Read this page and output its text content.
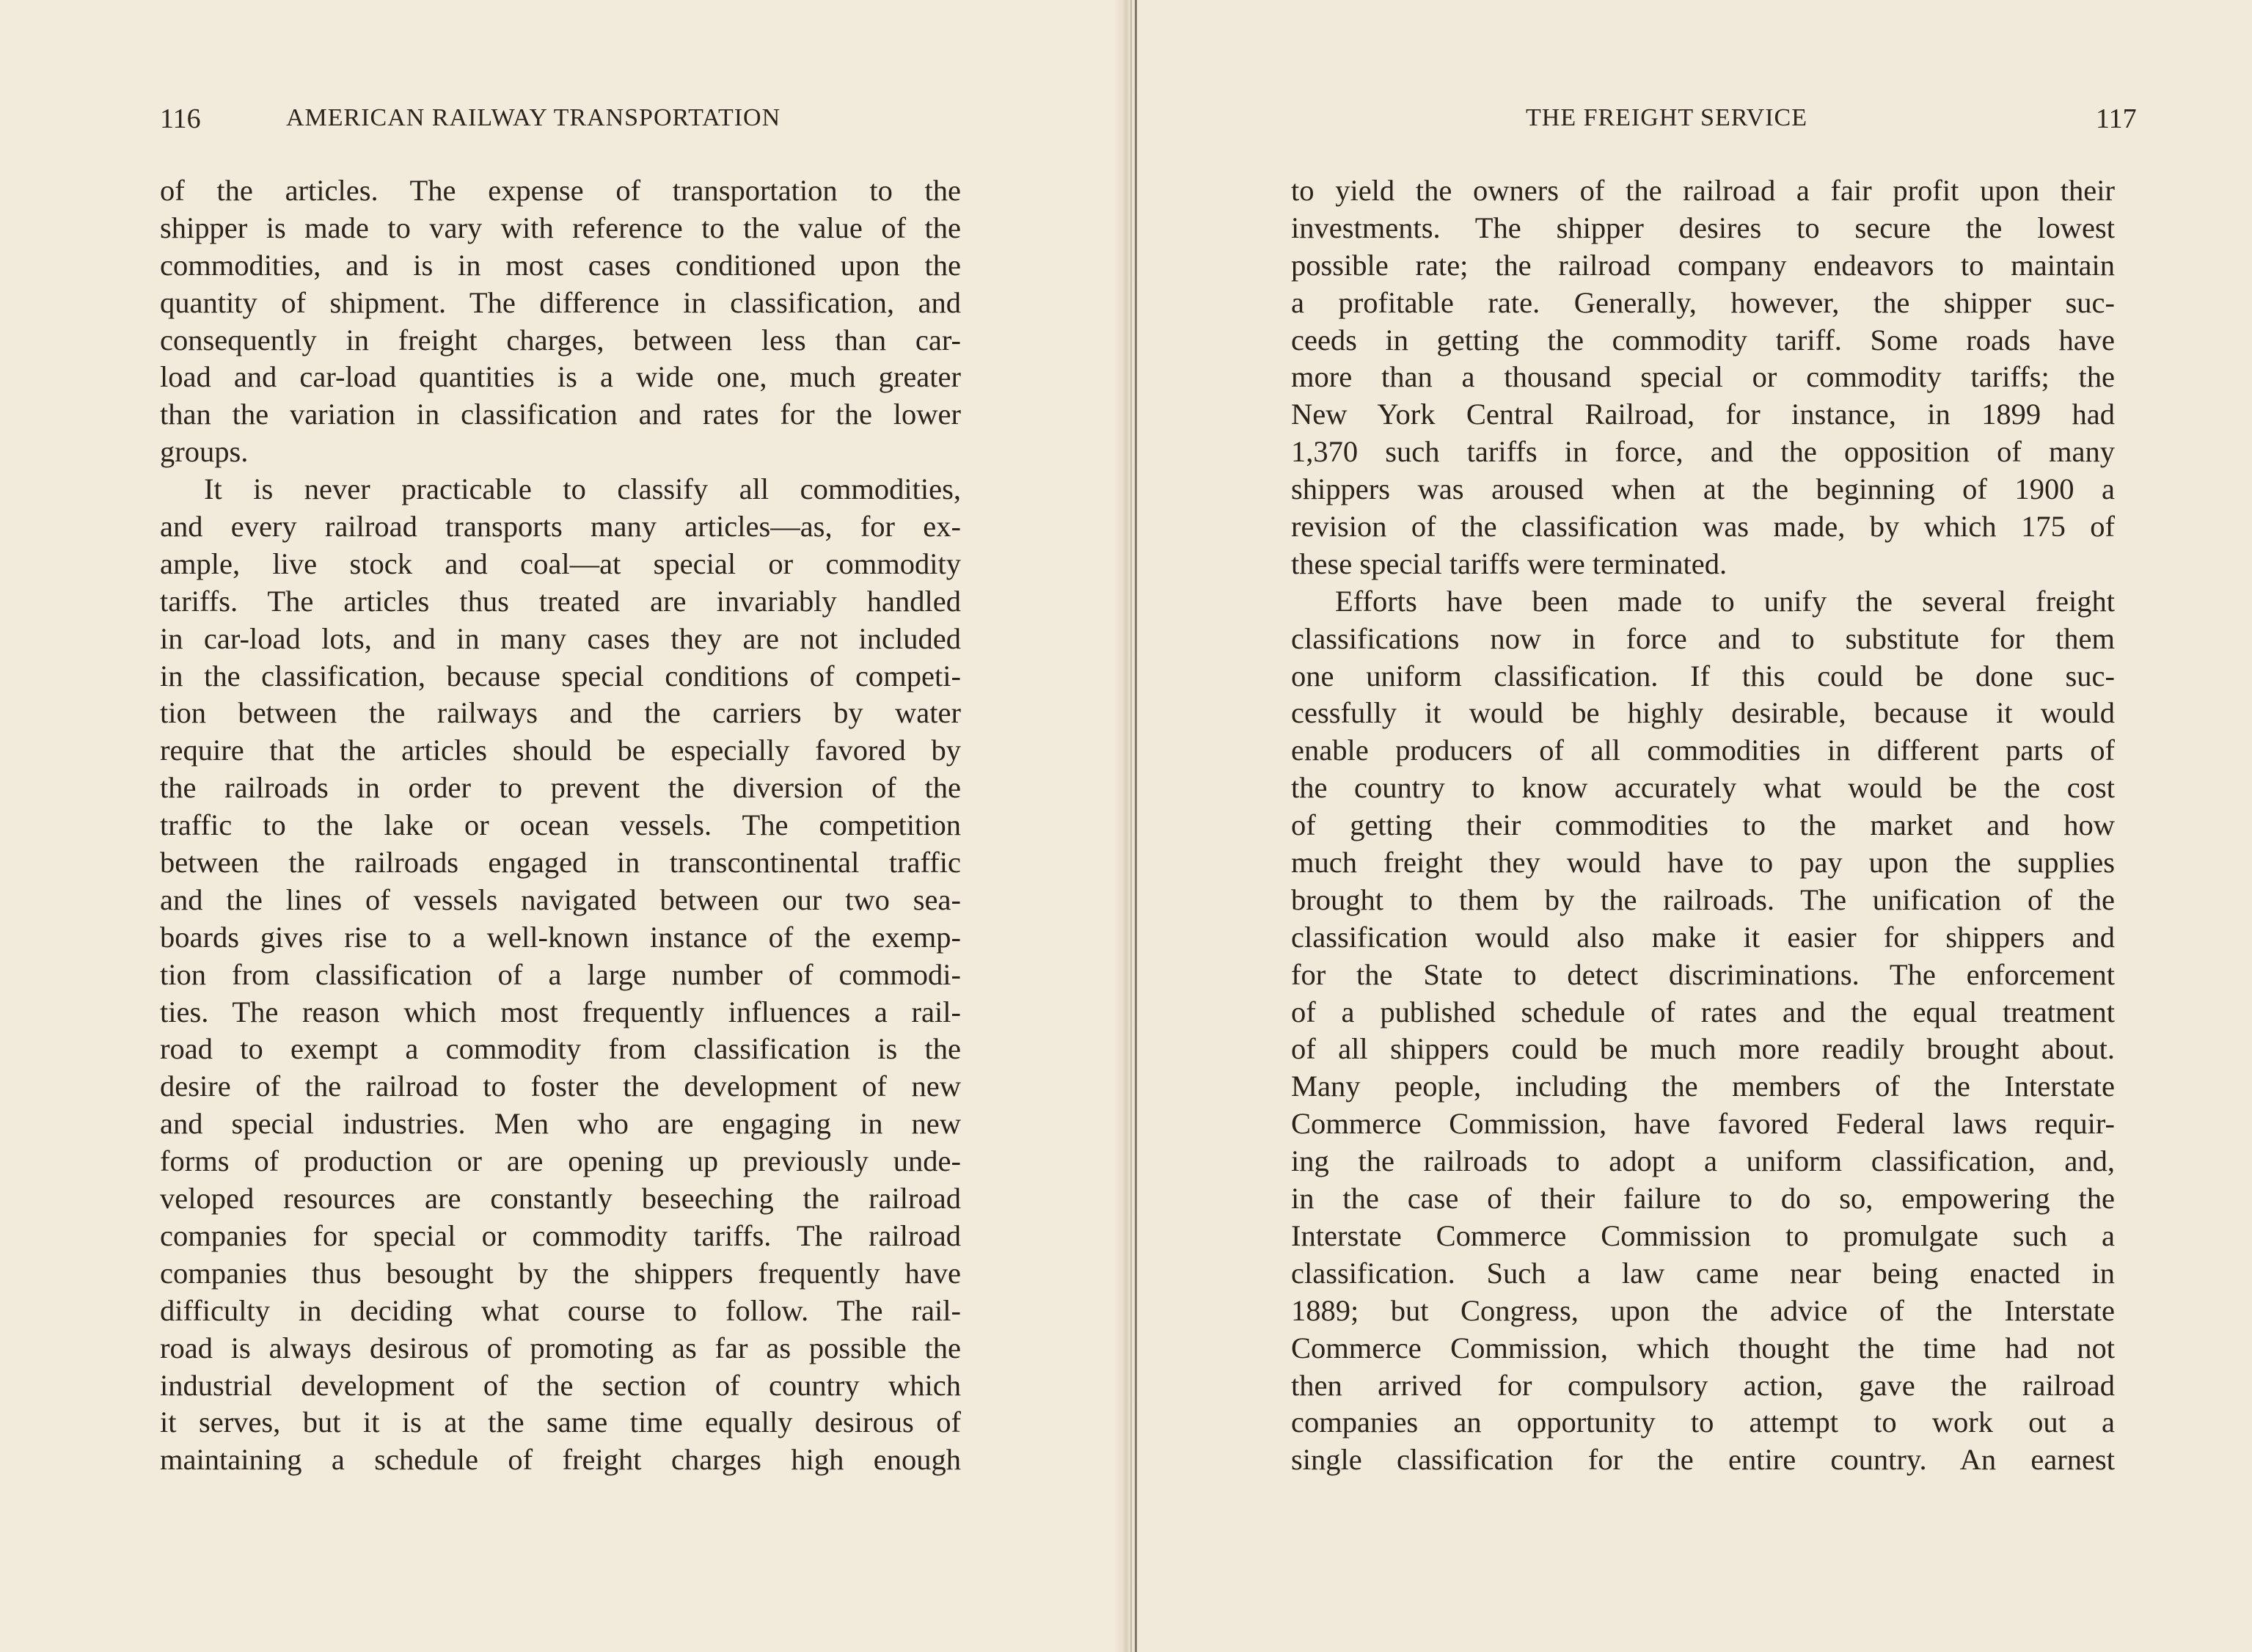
116	AMERICAN RAILWAY TRANSPORTATION
of the articles. The expense of transportation to the
shipper is made to vary with reference to the value of the
commodities, and is in most cases conditioned upon the
quantity of shipment. The difference in classification, and
consequently in freight charges, between less than car-
load and car-load quantities is a wide one, much greater
than the variation in classification and rates for the lower
groups.
It is never practicable to classify all commodities,
and every railroad transports many articles—as, for ex-
ample, live stock and coal—at special or commodity
tariffs. The articles thus treated are invariably handled
in car-load lots, and in many cases they are not included
in the classification, because special conditions of competi-
tion between the railways and the carriers by water
require that the articles should be especially favored by
the railroads in order to prevent the diversion of the
traffic to the lake or ocean vessels. The competition
between the railroads engaged in transcontinental traffic
and the lines of vessels navigated between our two sea-
boards gives rise to a well-known instance of the exemp-
tion from classification of a large number of commodi-
ties. The reason which most frequently influences a rail-
road to exempt a commodity from classification is the
desire of the railroad to foster the development of new
and special industries. Men who are engaging in new
forms of production or are opening up previously unde-
veloped resources are constantly beseeching the railroad
companies for special or commodity tariffs. The railroad
companies thus besought by the shippers frequently have
difficulty in deciding what course to follow. The rail-
road is always desirous of promoting as far as possible the
industrial development of the section of country which
it serves, but it is at the same time equally desirous of
maintaining a schedule of freight charges high enough
THE FREIGHT SERVICE	117
to yield the owners of the railroad a fair profit upon their
investments. The shipper desires to secure the lowest
possible rate; the railroad company endeavors to maintain
a profitable rate. Generally, however, the shipper suc-
ceeds in getting the commodity tariff. Some roads have
more than a thousand special or commodity tariffs; the
New York Central Railroad, for instance, in 1899 had
1,370 such tariffs in force, and the opposition of many
shippers was aroused when at the beginning of 1900 a
revision of the classification was made, by which 175 of
these special tariffs were terminated.
Efforts have been made to unify the several freight
classifications now in force and to substitute for them
one uniform classification. If this could be done suc-
cessfully it would be highly desirable, because it would
enable producers of all commodities in different parts of
the country to know accurately what would be the cost
of getting their commodities to the market and how
much freight they would have to pay upon the supplies
brought to them by the railroads. The unification of the
classification would also make it easier for shippers and
for the State to detect discriminations. The enforcement
of a published schedule of rates and the equal treatment
of all shippers could be much more readily brought about.
Many people, including the members of the Interstate
Commerce Commission, have favored Federal laws requir-
ing the railroads to adopt a uniform classification, and,
in the case of their failure to do so, empowering the
Interstate Commerce Commission to promulgate such a
classification. Such a law came near being enacted in
1889; but Congress, upon the advice of the Interstate
Commerce Commission, which thought the time had not
then arrived for compulsory action, gave the railroad
companies an opportunity to attempt to work out a
single classification for the entire country. An earnest
